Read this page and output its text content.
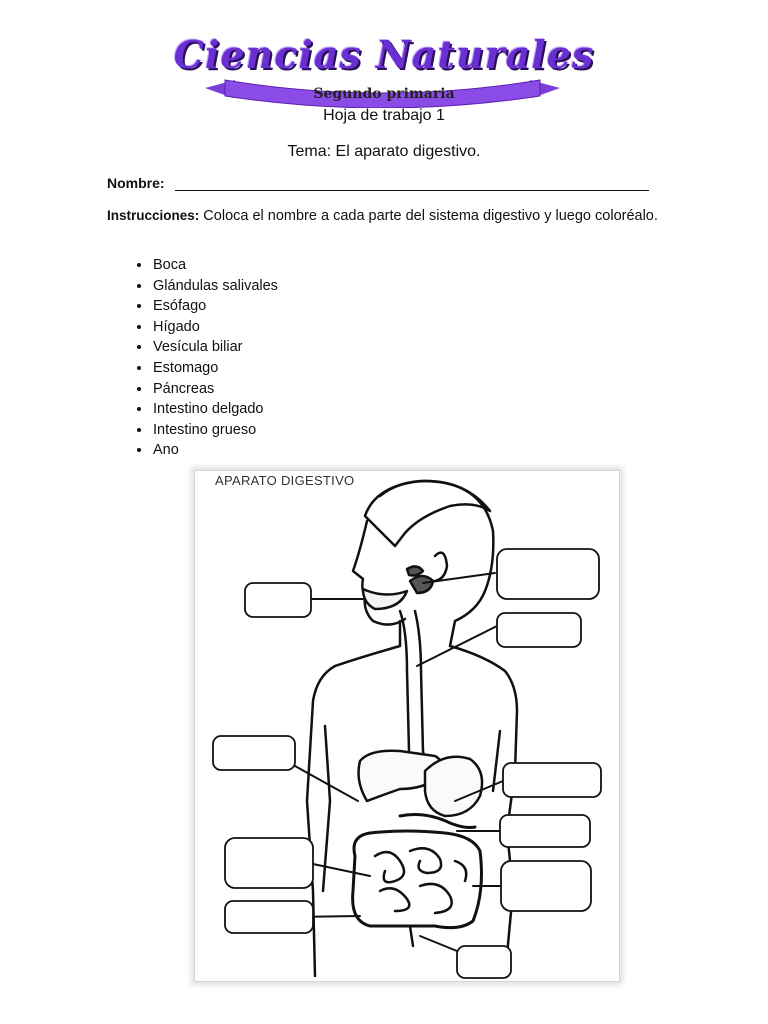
Ciencias Naturales
Segundo primaria
Hoja de trabajo 1
Tema: El aparato digestivo.
Nombre:
Instrucciones: Coloca el nombre a cada parte del sistema digestivo y luego coloréalo.
• Boca
• Glándulas salivales
• Esófago
• Hígado
• Vesícula biliar
• Estomago
• Páncreas
• Intestino delgado
• Intestino grueso
• Ano
APARATO DIGESTIVO
